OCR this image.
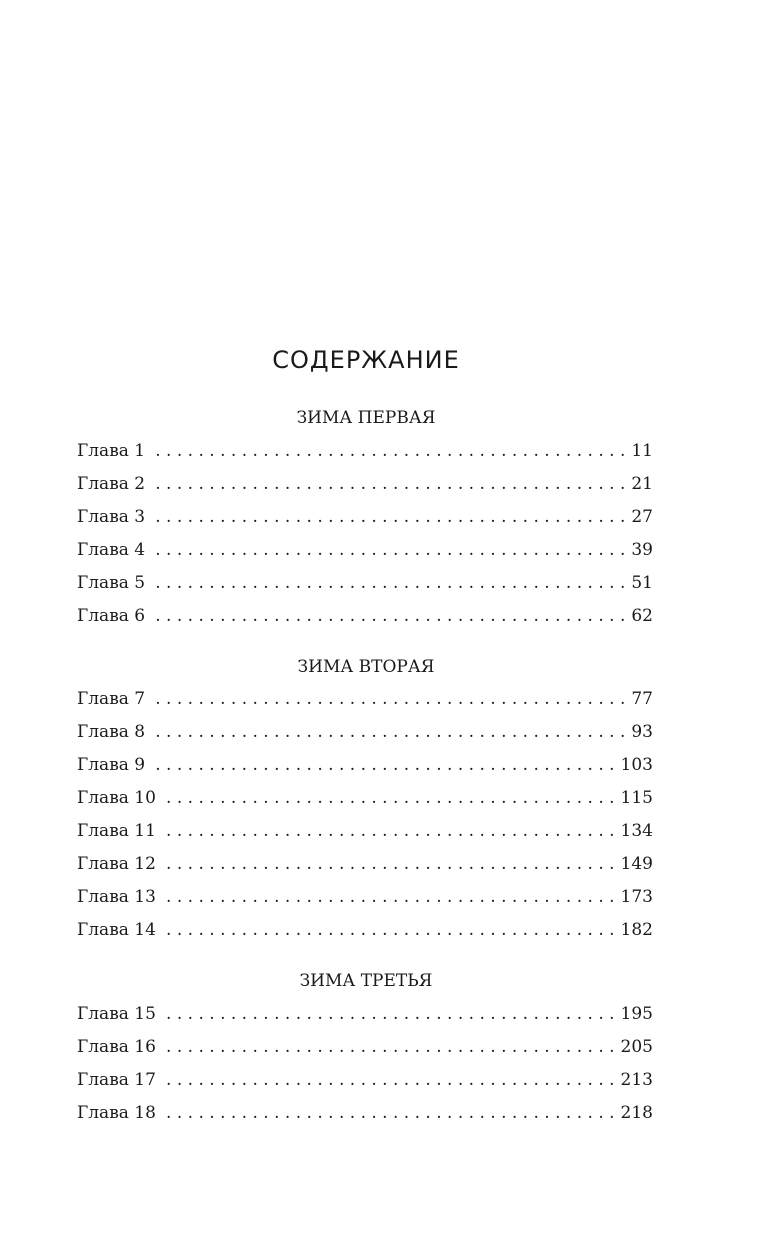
СОДЕРЖАНИЕ
ЗИМА ПЕРВАЯ
Глава 1 . . .	11
Глава 2 . . .	21
Глава 3 . . .	27
Глава 4 . . .	39
Глава 5 . . .	51
Глава 6 . . .	62
ЗИМА ВТОРАЯ
Глава 7 . . .	77
Глава 8 . . .	93
Глава 9 . . .	103
Глава 10 . . .	115
Глава 11 . . .	134
Глава 12 . . .	149
Глава 13 . . .	173
Глава 14 . . .	182
ЗИМА ТРЕТЬЯ
Глава 15 . . .	195
Глава 16 . . .	205
Глава 17 . . .	213
Глава 18 . . .	218
